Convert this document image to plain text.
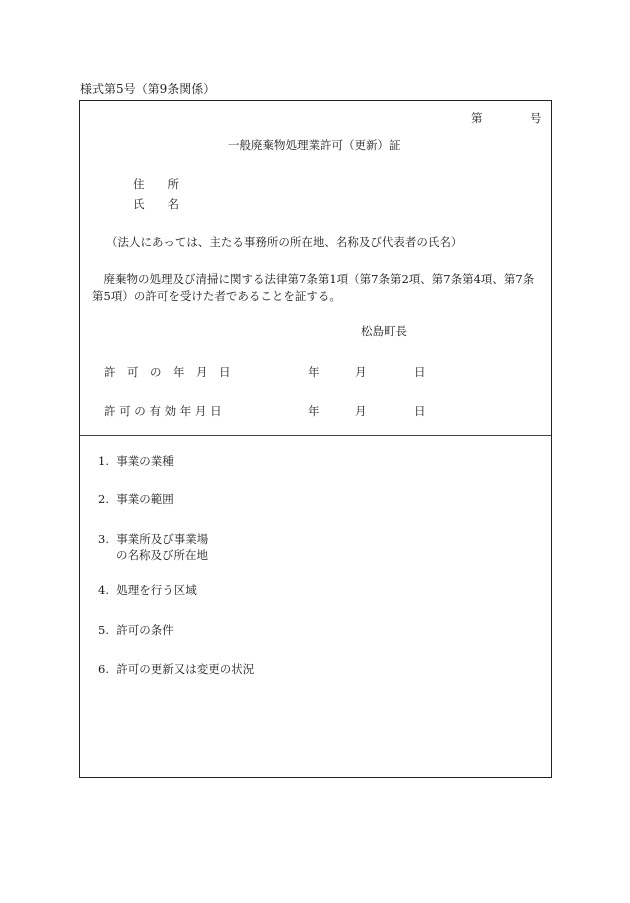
様式第5号（第9条関係）
第	号
一般廃棄物処理業許可（更新）証
住　　所
氏　　名
（法人にあっては、主たる事務所の所在地、名称及び代表者の氏名）
廃棄物の処理及び清掃に関する法律第7条第1項（第7条第2項、第7条第4項、第7条第5項）の許可を受けた者であることを証する。
松島町長
許　可　の　年　月　日	年	月	日
許 可 の 有 効 年 月 日	年	月	日
1. 事業の業種
2. 事業の範囲
3. 事業所及び事業場
の名称及び所在地
4. 処理を行う区域
5. 許可の条件
6. 許可の更新又は変更の状況
